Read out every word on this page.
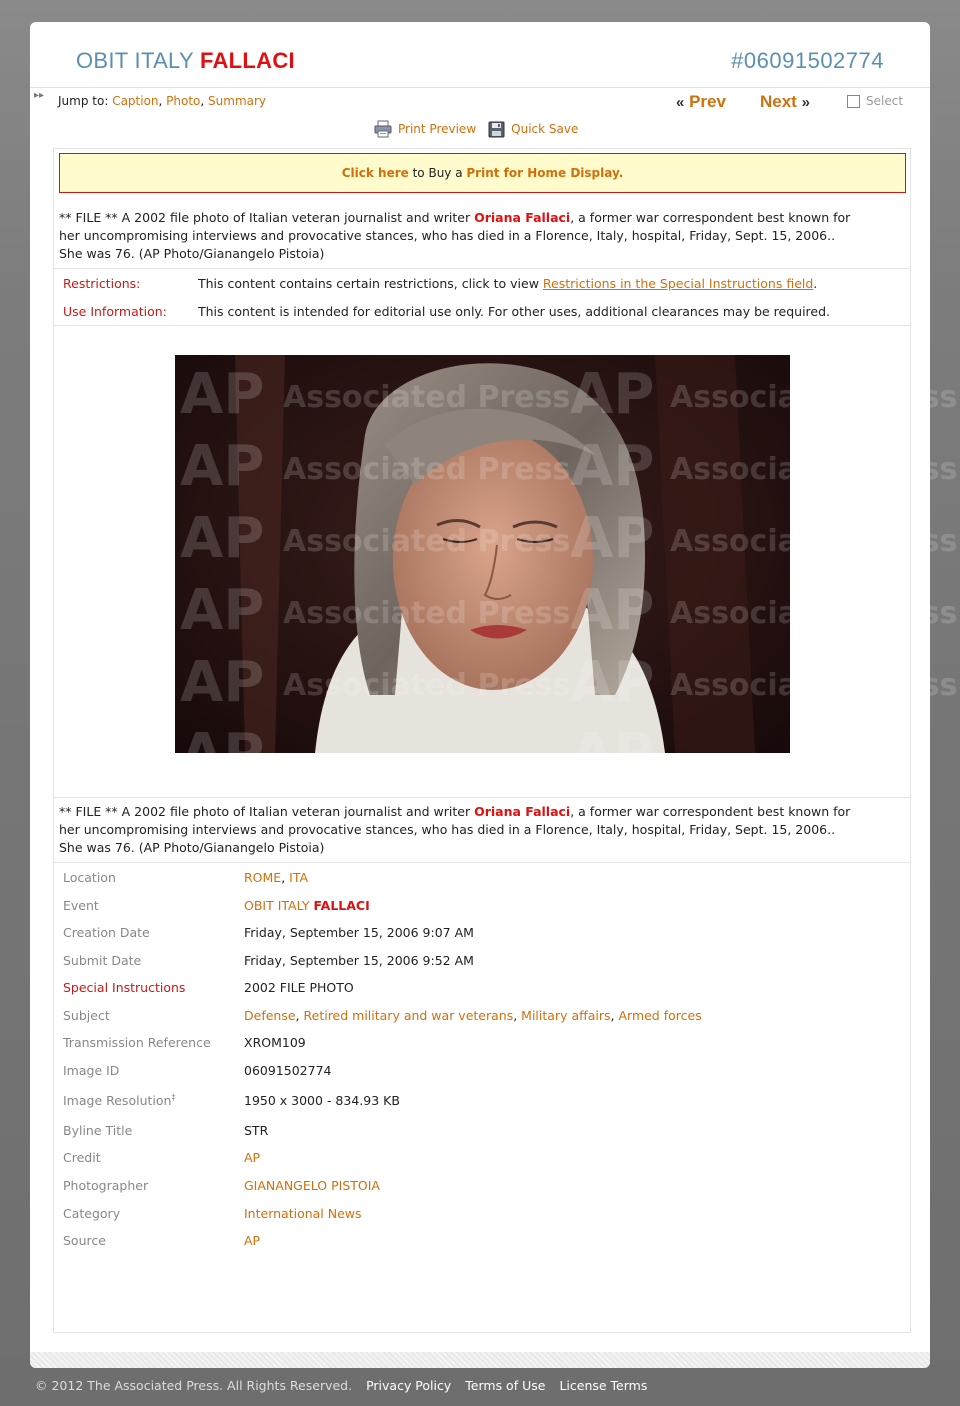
OBIT ITALY FALLACI	#06091502774
▸▸ Jump to: Caption, Photo, Summary	« Prev Next »	Select
Print Preview	Quick Save
Click here
to Buy a
Print for Home Display.
** FILE ** A 2002 file photo of Italian veteran journalist and writer Oriana Fallaci, a former war correspondent best known for
her uncompromising interviews and provocative stances, who has died in a Florence, Italy, hospital, Friday, Sept. 15, 2006..
She was 76. (AP Photo/Gianangelo Pistoia)
Restrictions:	This content contains certain restrictions, click to view Restrictions in the Special Instructions field.
Use Information: This content is intended for editorial use only. For other uses, additional clearances may be required.
AP Associated Press AP Associated Press
AP Associated Press AP Associated Press
AP Associated Press AP Associated Press
AP Associated Press AP Associated Press
AP Associated Press AP Associated Press
AP	AP
** FILE ** A 2002 file photo of Italian veteran journalist and writer Oriana Fallaci, a former war correspondent best known for
her uncompromising interviews and provocative stances, who has died in a Florence, Italy, hospital, Friday, Sept. 15, 2006..
She was 76. (AP Photo/Gianangelo Pistoia)
Location	ROME, ITA
Event	OBIT ITALY FALLACI
Creation Date	Friday, September 15, 2006 9:07 AM
Submit Date	Friday, September 15, 2006 9:52 AM
Special Instructions	2002 FILE PHOTO
Subject	Defense, Retired military and war veterans, Military affairs, Armed forces
Transmission Reference	XROM109
Image ID	06091502774
Image Resolution‡	1950 x 3000 - 834.93 KB
Byline Title	STR
Credit	AP
Photographer	GIANANGELO PISTOIA
Category	International News
Source	AP
© 2012 The Associated Press. All Rights Reserved. Privacy Policy Terms of Use License Terms
